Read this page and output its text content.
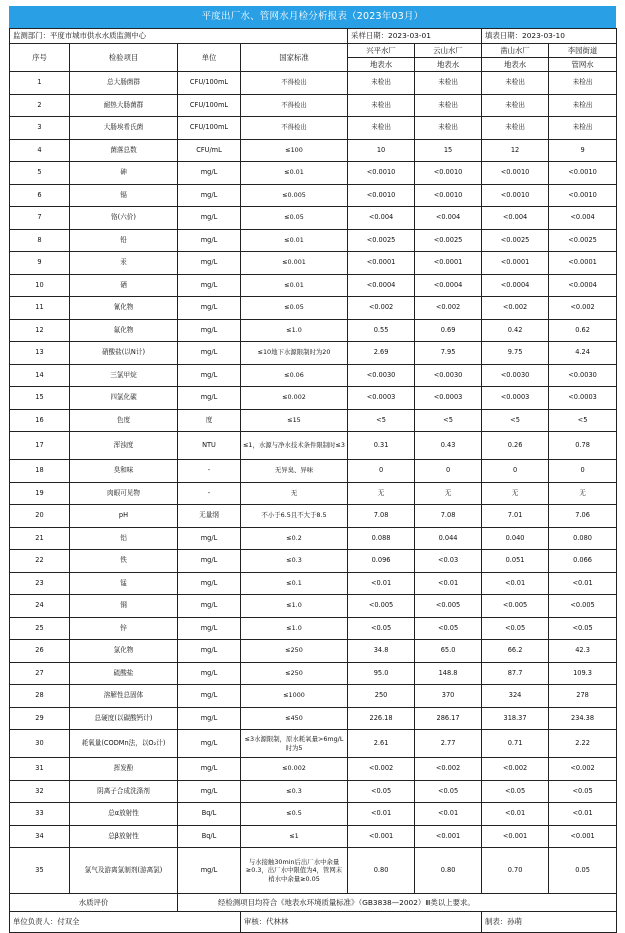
平度出厂水、管网水月检分析报表（2023年03月）
监测部门：平度市城市供水水质监测中心				采样日期：2023-03-01		填表日期：2023-03-10	
序号	检验项目	单位	国家标准	兴平水厂	云山水厂	凿山水厂	李园街道
				地表水	地表水	地表水	管网水
1	总大肠菌群	CFU/100mL	不得检出	未检出	未检出	未检出	未检出
2	耐热大肠菌群	CFU/100mL	不得检出	未检出	未检出	未检出	未检出
3	大肠埃希氏菌	CFU/100mL	不得检出	未检出	未检出	未检出	未检出
4	菌落总数	CFU/mL	≤100	10	15	12	9
5	砷	mg/L	≤0.01	<0.0010	<0.0010	<0.0010	<0.0010
6	镉	mg/L	≤0.005	<0.0010	<0.0010	<0.0010	<0.0010
7	铬(六价)	mg/L	≤0.05	<0.004	<0.004	<0.004	<0.004
8	铅	mg/L	≤0.01	<0.0025	<0.0025	<0.0025	<0.0025
9	汞	mg/L	≤0.001	<0.0001	<0.0001	<0.0001	<0.0001
10	硒	mg/L	≤0.01	<0.0004	<0.0004	<0.0004	<0.0004
11	氰化物	mg/L	≤0.05	<0.002	<0.002	<0.002	<0.002
12	氟化物	mg/L	≤1.0	0.55	0.69	0.42	0.62
13	硝酸盐(以N计)	mg/L	≤10地下水源限制时为20	2.69	7.95	9.75	4.24
14	三氯甲烷	mg/L	≤0.06	<0.0030	<0.0030	<0.0030	<0.0030
15	四氯化碳	mg/L	≤0.002	<0.0003	<0.0003	<0.0003	<0.0003
16	色度	度	≤15	<5	<5	<5	<5
17	浑浊度	NTU	≤1，水源与净水技术条件限制时≤3	0.31	0.43	0.26	0.78
18	臭和味	-	无异臭、异味	0	0	0	0
19	肉眼可见物	-	无	无	无	无	无
20	pH	无量纲	不小于6.5且不大于8.5	7.08	7.08	7.01	7.06
21	铝	mg/L	≤0.2	0.088	0.044	0.040	0.080
22	铁	mg/L	≤0.3	0.096	<0.03	0.051	0.066
23	锰	mg/L	≤0.1	<0.01	<0.01	<0.01	<0.01
24	铜	mg/L	≤1.0	<0.005	<0.005	<0.005	<0.005
25	锌	mg/L	≤1.0	<0.05	<0.05	<0.05	<0.05
26	氯化物	mg/L	≤250	34.8	65.0	66.2	42.3
27	硫酸盐	mg/L	≤250	95.0	148.8	87.7	109.3
28	溶解性总固体	mg/L	≤1000	250	370	324	278
29	总硬度(以碳酸钙计)	mg/L	≤450	226.18	286.17	318.37	234.38
30	耗氧量(CODMn法，以O₂计)	mg/L	≤3水源限制，原水耗氧量>6mg/L时为5	2.61	2.77	0.71	2.22
31	挥发酚	mg/L	≤0.002	<0.002	<0.002	<0.002	<0.002
32	阴离子合成洗涤剂	mg/L	≤0.3	<0.05	<0.05	<0.05	<0.05
33	总α放射性	Bq/L	≤0.5	<0.01	<0.01	<0.01	<0.01
34	总β放射性	Bq/L	≤1	<0.001	<0.001	<0.001	<0.001
35	氯气及游离氯制剂(游离氯)	mg/L	与水接触30min后出厂水中余量≥0.3，出厂水中限值为4，管网末梢水中余量≥0.05	0.80	0.80	0.70	0.05
水质评价		经检测项目均符合《地表水环境质量标准》（GB3838—2002）Ⅲ类以上要求。					
单位负责人：付双全			审核：代林林			制表：孙萌	
